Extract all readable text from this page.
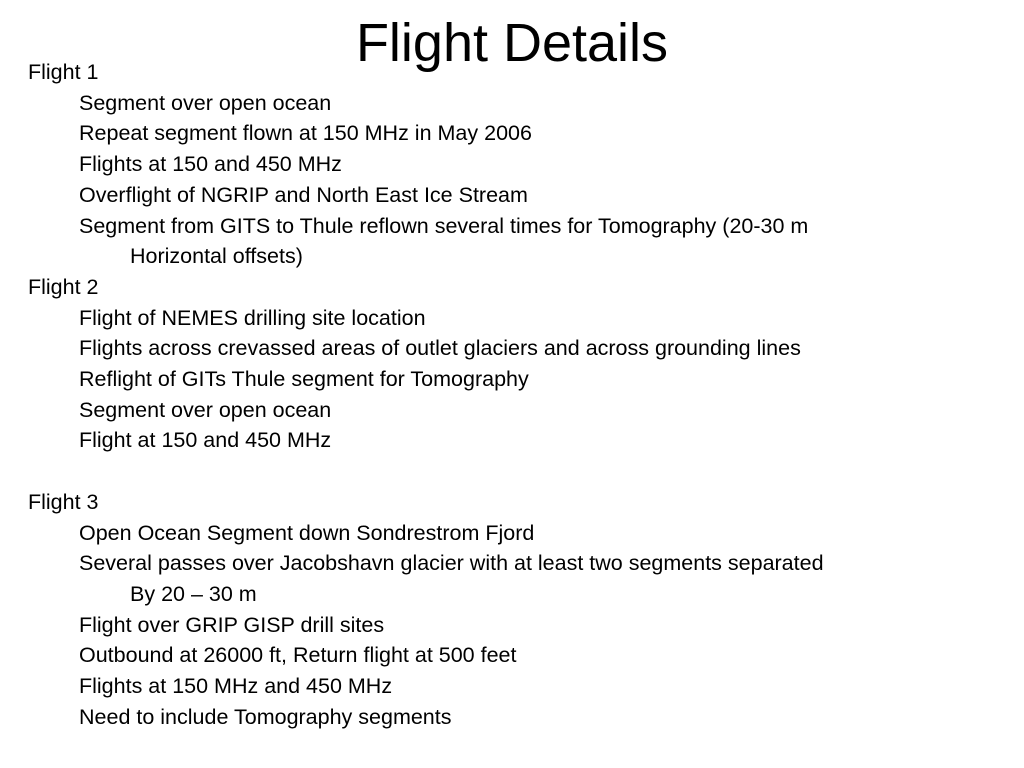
Flight Details
Flight 1
Segment over open ocean
Repeat segment flown at 150 MHz in May 2006
Flights at 150 and 450 MHz
Overflight of NGRIP and North East Ice Stream
Segment from GITS to Thule reflown several times for Tomography (20-30 m
Horizontal offsets)
Flight 2
Flight of NEMES drilling site location
Flights across crevassed areas of outlet glaciers and across grounding lines
Reflight of GITs Thule segment for Tomography
Segment over open ocean
Flight at 150 and 450 MHz
Flight 3
Open Ocean Segment down Sondrestrom Fjord
Several passes over Jacobshavn glacier with at least two segments separated
By 20 – 30 m
Flight over GRIP GISP drill sites
Outbound at 26000 ft, Return flight at 500 feet
Flights at 150 MHz and 450 MHz
Need to include Tomography segments
